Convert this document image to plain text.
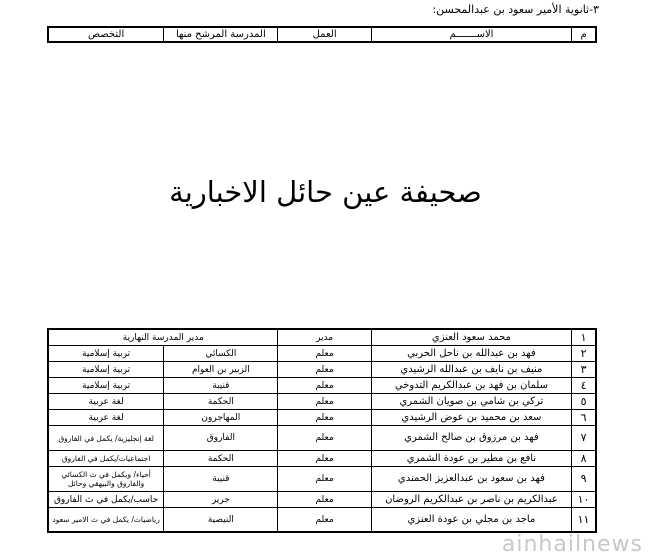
٣-ثانوية الأمير سعود بن عبدالمحسن:
م	الاســـــــم	العمل	المدرسة المرشح منها	التخصص
صحيفة عين حائل الاخبارية
١	محمد سعود العنزي	مدير	مدير المدرسة النهارية	
٢	فهد بن عبدالله بن ناحل الحربي	معلم	الكسائي	تربية إسلامية
٣	منيف بن نايف بن عبدالله الرشيدي	معلم	الزبير بن العوام	تربية إسلامية
٤	سلمان بن فهد بن عبدالكريم التدوخي	معلم	قنيبة	تربية إسلامية
٥	تركي بن شامي بن صويان الشمري	معلم	الحكمة	لغة عربية
٦	سعد بن محميد بن عوض الرشيدي	معلم	المهاجرون	لغة عربية
٧	فهد بن مرزوق بن صالح الشمري	معلم	الفاروق	لغة إنجليزية/ يكمل في الفاروق
٨	نافع بن مطير بن عودة الشمري	معلم	الحكمة	اجتماعيات/يكمل في الفاروق
٩	فهد بن سعود بن عبدالعزيز الحمندي	معلم	قنيبة	أحياء/ ويكمل في ث الكسائي والفاروق والبيهقي وحائل
١٠	عبدالكريم بن ناصر بن عبدالكريم الروضان	معلم	جرير	حاسب/يكمل في ث الفاروق
١١	ماجد بن مجلي بن عودة العنزي	معلم	النيصية	رياضيات/ يكمل في ث الامير سعود
ainhailnews
